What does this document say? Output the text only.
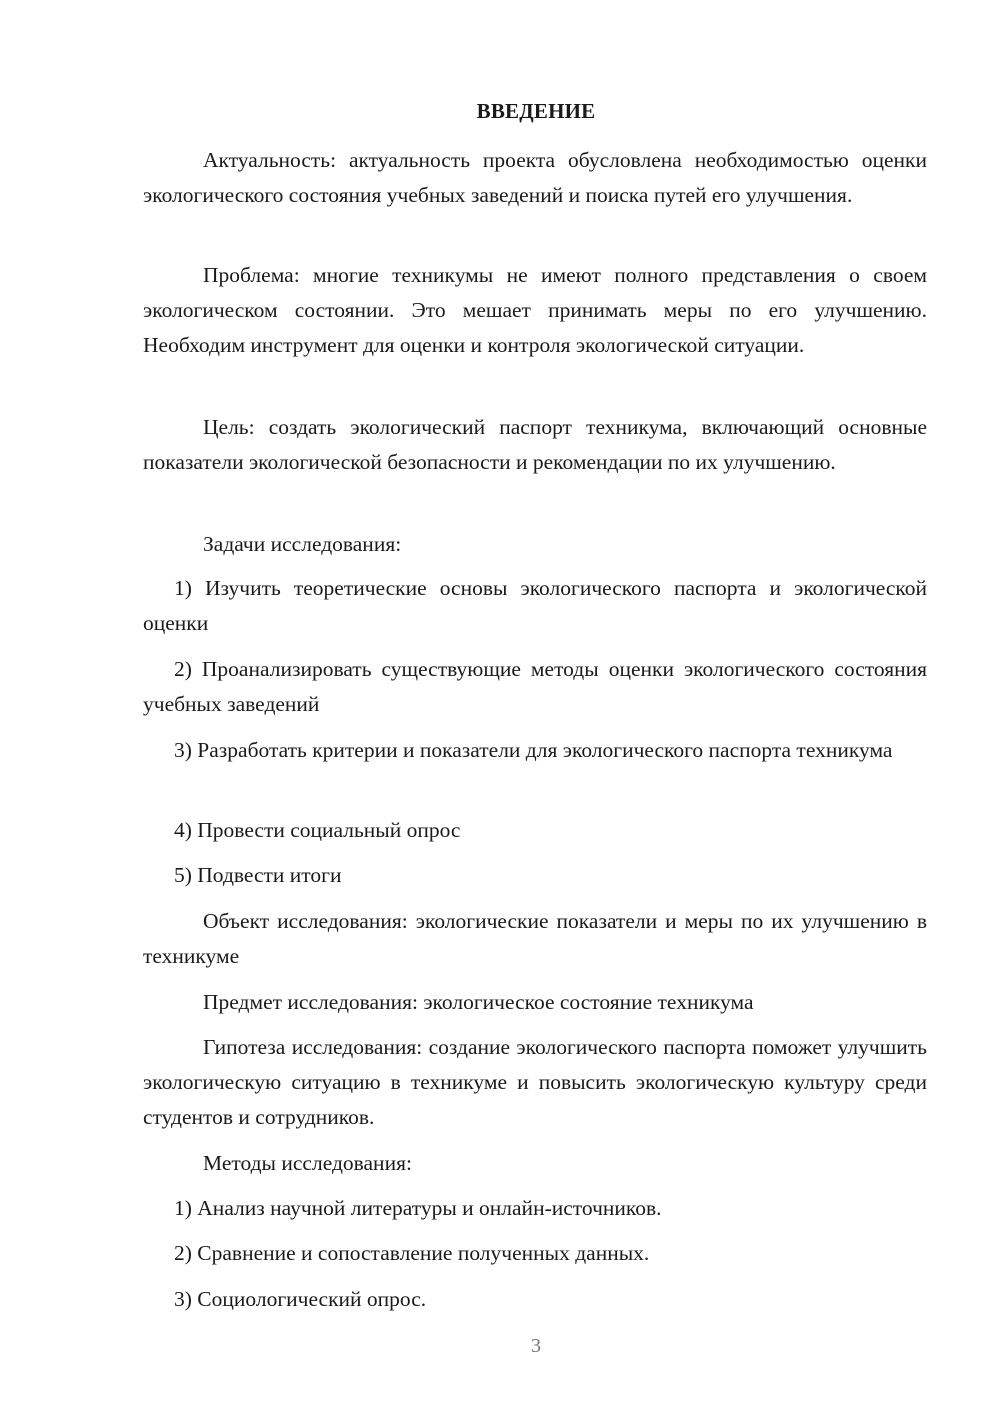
ВВЕДЕНИЕ
Актуальность: актуальность проекта обусловлена необходимостью оценки экологического состояния учебных заведений и поиска путей его улучшения.
Проблема: многие техникумы не имеют полного представления о своем экологическом состоянии. Это мешает принимать меры по его улучшению. Необходим инструмент для оценки и контроля экологической ситуации.
Цель: создать экологический паспорт техникума, включающий основные показатели экологической безопасности и рекомендации по их улучшению.
Задачи исследования:
1) Изучить теоретические основы экологического паспорта и экологической оценки
2) Проанализировать существующие методы оценки экологического состояния учебных заведений
3) Разработать критерии и показатели для экологического паспорта техникума
4) Провести социальный опрос
5) Подвести итоги
Объект исследования: экологические показатели и меры по их улучшению в техникуме
Предмет исследования: экологическое состояние техникума
Гипотеза исследования: создание экологического паспорта поможет улучшить экологическую ситуацию в техникуме и повысить экологическую культуру среди студентов и сотрудников.
Методы исследования:
1) Анализ научной литературы и онлайн-источников.
2) Сравнение и сопоставление полученных данных.
3) Социологический опрос.
3
